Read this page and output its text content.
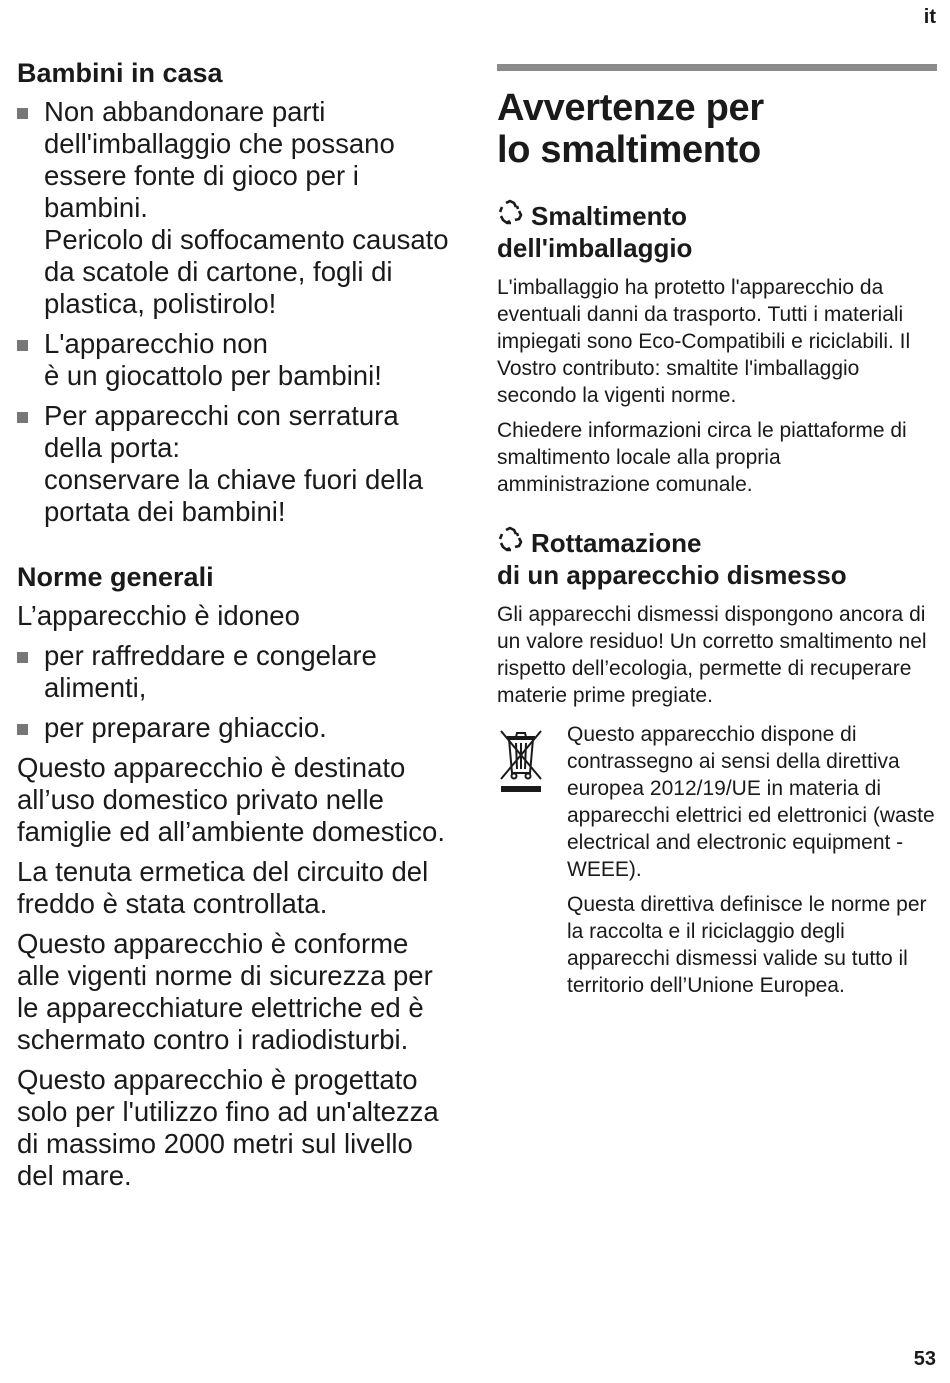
it
Bambini in casa
Non abbandonare parti dell'imballaggio che possano essere fonte di gioco per i bambini.
Pericolo di soffocamento causato da scatole di cartone, fogli di plastica, polistirolo!
L'apparecchio non
è un giocattolo per bambini!
Per apparecchi con serratura della porta:
conservare la chiave fuori della portata dei bambini!
Norme generali

L’apparecchio è idoneo

per raffreddare e congelare alimenti,
per preparare ghiaccio.

Questo apparecchio è destinato all’uso domestico privato nelle famiglie ed all’ambiente domestico.

La tenuta ermetica del circuito del freddo è stata controllata.

Questo apparecchio è conforme alle vigenti norme di sicurezza per le apparecchiature elettriche ed è schermato contro i radiodisturbi.

Questo apparecchio è progettato solo per l'utilizzo fino ad un'altezza di massimo 2000 metri sul livello del mare.

Avvertenze per
lo smaltimento
Smaltimento
dell'imballaggio

L'imballaggio ha protetto l'apparecchio da eventuali danni da trasporto. Tutti i materiali impiegati sono Eco-Compatibili e riciclabili. Il Vostro contributo: smaltite l'imballaggio secondo la vigenti norme.

Chiedere informazioni circa le piattaforme di smaltimento locale alla propria amministrazione comunale.

Rottamazione
di un apparecchio dismesso

Gli apparecchi dismessi dispongono ancora di un valore residuo! Un corretto smaltimento nel rispetto dell’ecologia, permette di recuperare materie prime pregiate.

Questo apparecchio dispone di contrassegno ai sensi della direttiva europea 2012/19/UE in materia di apparecchi elettrici ed elettronici (waste electrical and electronic equipment - WEEE).

Questa direttiva definisce le norme per la raccolta e il riciclaggio degli apparecchi dismessi valide su tutto il territorio dell’Unione Europea.

53
